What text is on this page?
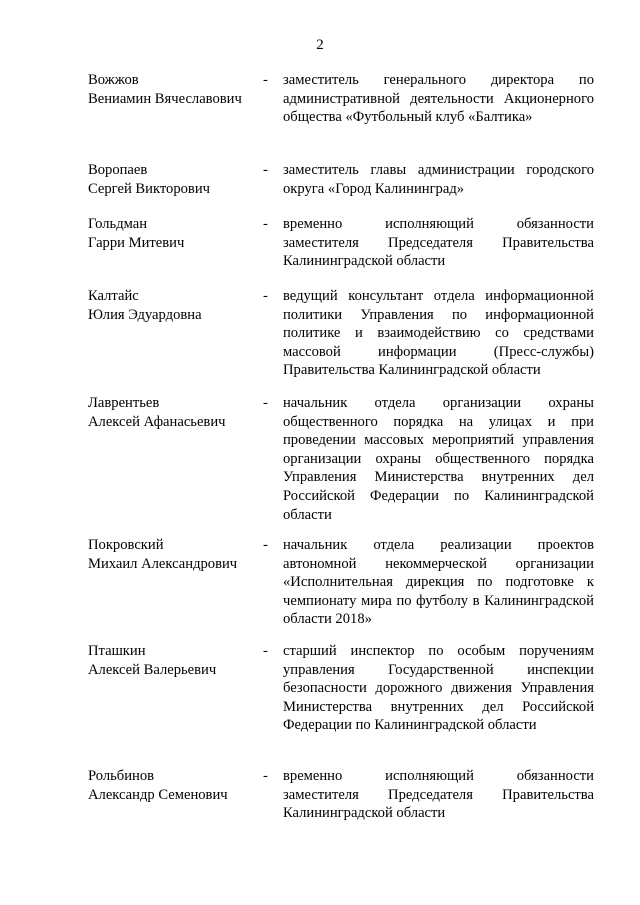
2
Вожжов
Вениамин Вячеславович
-	заместитель генерального директора по административной деятельности Акционерного общества «Футбольный клуб «Балтика»
Воропаев
Сергей Викторович
-	заместитель главы администрации городского округа «Город Калининград»
Гольдман
Гарри Митевич
-	временно исполняющий обязанности заместителя Председателя Правительства Калининградской области
Калтайс
Юлия Эдуардовна
-	ведущий консультант отдела информационной политики Управления по информационной политике и взаимодействию со средствами массовой информации (Пресс-службы) Правительства Калининградской области
Лаврентьев
Алексей Афанасьевич
-	начальник отдела организации охраны общественного порядка на улицах и при проведении массовых мероприятий управления организации охраны общественного порядка Управления Министерства внутренних дел Российской Федерации по Калининградской области
Покровский
Михаил Александрович
-	начальник отдела реализации проектов автономной некоммерческой организации «Исполнительная дирекция по подготовке к чемпионату мира по футболу в Калининградской области 2018»
Пташкин
Алексей Валерьевич
-	старший инспектор по особым поручениям управления Государственной инспекции безопасности дорожного движения Управления Министерства внутренних дел Российской Федерации по Калининградской области
Рольбинов
Александр Семенович
-	временно исполняющий обязанности заместителя Председателя Правительства Калининградской области
